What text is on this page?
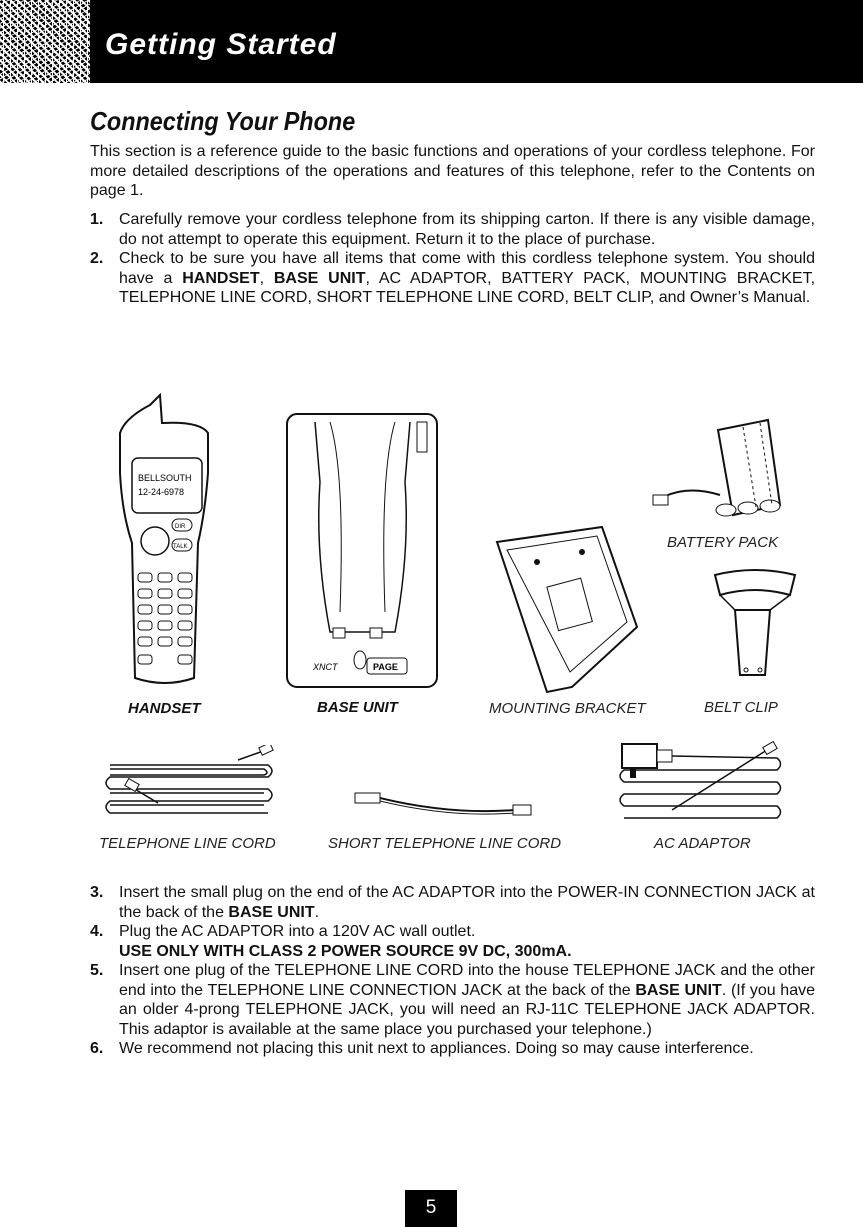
Getting Started
Connecting Your Phone
This section is a reference guide to the basic functions and operations of your cordless telephone. For more detailed descriptions of the operations and features of this telephone, refer to the Contents on page 1.
1. Carefully remove your cordless telephone from its shipping carton. If there is any visible damage, do not attempt to operate this equipment. Return it to the place of purchase.
2. Check to be sure you have all items that come with this cordless telephone system. You should have a HANDSET, BASE UNIT, AC ADAPTOR, BATTERY PACK, MOUNTING BRACKET, TELEPHONE LINE CORD, SHORT TELEPHONE LINE CORD, BELT CLIP, and Owner’s Manual.
BELLSOUTH
12-24-6978
DIR
TALK
XNCT	PAGE
HANDSET	BASE UNIT	MOUNTING BRACKET
BATTERY PACK
BELT CLIP
TELEPHONE LINE CORD	SHORT TELEPHONE LINE CORD	AC ADAPTOR
3. Insert the small plug on the end of the AC ADAPTOR into the POWER-IN CONNECTION JACK at the back of the BASE UNIT.
4. Plug the AC ADAPTOR into a 120V AC wall outlet.
USE ONLY WITH CLASS 2 POWER SOURCE 9V DC, 300mA.
5. Insert one plug of the TELEPHONE LINE CORD into the house TELEPHONE JACK and the other end into the TELEPHONE LINE CONNECTION JACK at the back of the BASE UNIT. (If you have an older 4-prong TELEPHONE JACK, you will need an RJ-11C TELEPHONE JACK ADAPTOR. This adaptor is available at the same place you purchased your telephone.)
6. We recommend not placing this unit next to appliances. Doing so may cause interference.
5
